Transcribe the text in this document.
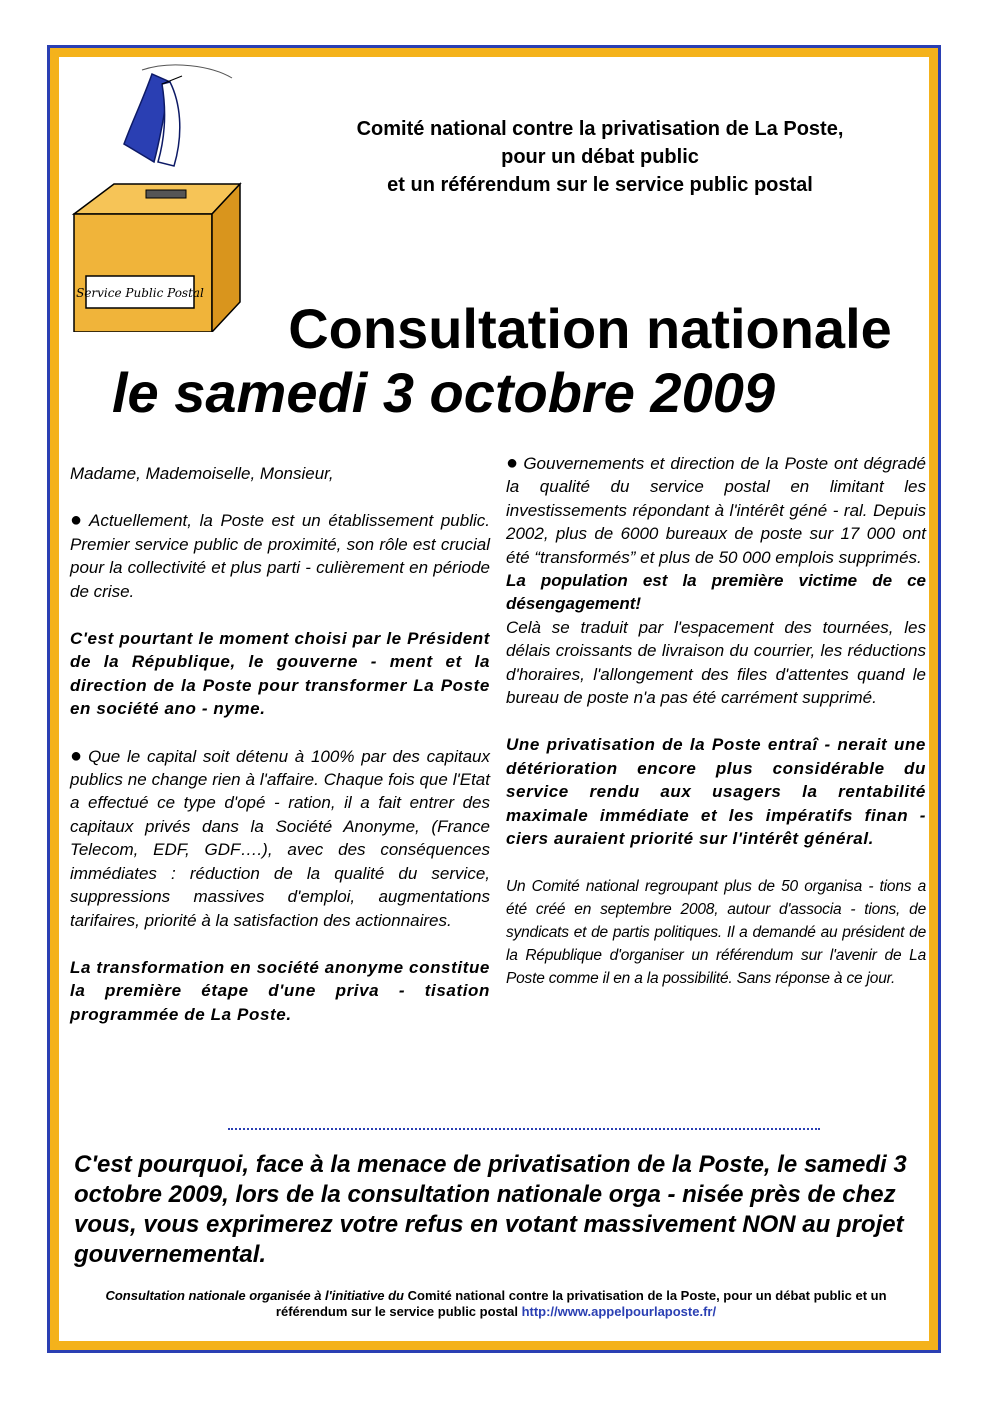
Service Public Postal
Comité national contre la privatisation de La Poste,
pour un débat public
et un référendum sur le service public postal
Consultation nationale
le samedi 3 octobre 2009

Madame, Mademoiselle, Monsieur,

● Actuellement, la Poste est un établissement public. Premier service public de proximité, son rôle est crucial pour la collectivité et plus parti - culièrement en période de crise.

C'est pourtant le moment choisi par le Président de la République, le gouverne - ment et la direction de la Poste pour transformer La Poste en société ano - nyme.

● Que le capital soit détenu à 100% par des capitaux publics ne change rien à l'affaire. Chaque fois que l'Etat a effectué ce type d'opé - ration, il a fait entrer des capitaux privés dans la Société Anonyme, (France Telecom, EDF, GDF….), avec des conséquences immédiates : réduction de la qualité du service, suppressions massives d'emploi, augmentations tarifaires, priorité à la satisfaction des actionnaires.

La transformation en société anonyme constitue la première étape d'une priva - tisation programmée de La Poste.

● Gouvernements et direction de la Poste ont dégradé la qualité du service postal en limitant les investissements répondant à l'intérêt géné - ral. Depuis 2002, plus de 6000 bureaux de poste sur 17 000 ont été “transformés” et plus de 50 000 emplois supprimés.

La population est la première victime de ce désengagement!

Celà se traduit par l'espacement des tournées, les délais croissants de livraison du courrier, les réductions d'horaires, l'allongement des files d'attentes quand le bureau de poste n'a pas été carrément supprimé.

Une privatisation de la Poste entraî - nerait une détérioration encore plus considérable du service rendu aux usagers la rentabilité maximale immédiate et les impératifs finan - ciers auraient priorité sur l'intérêt général.

Un Comité national regroupant plus de 50 organisa - tions a été créé en septembre 2008, autour d'associa - tions, de syndicats et de partis politiques. Il a demandé au président de la République d'organiser un référendum sur l'avenir de La Poste comme il en a la possibilité. Sans réponse à ce jour.

C'est pourquoi, face à la menace de privatisation de la Poste, le samedi 3 octobre 2009, lors de la consultation nationale orga - nisée près de chez vous, vous exprimerez votre refus en votant massivement NON au projet gouvernemental.
Consultation nationale organisée à l'initiative du Comité national contre la privatisation de la Poste, pour un débat public et un référendum sur le service public postal http://www.appelpourlaposte.fr/
